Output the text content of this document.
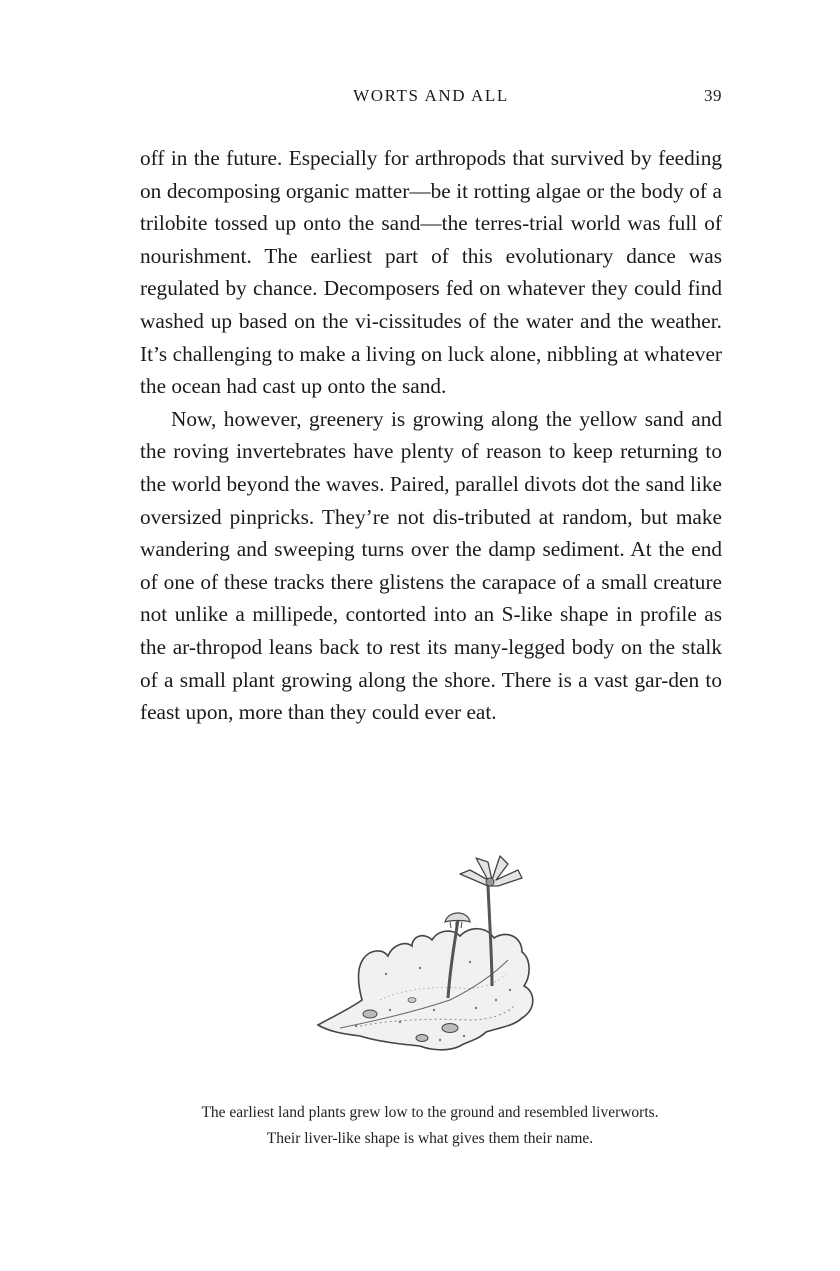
WORTS AND ALL	39

off in the future. Especially for arthropods that survived by feeding on decomposing organic matter—be it rotting algae or the body of a trilobite tossed up onto the sand—the terres-trial world was full of nourishment. The earliest part of this evolutionary dance was regulated by chance. Decomposers fed on whatever they could find washed up based on the vi-cissitudes of the water and the weather. It’s challenging to make a living on luck alone, nibbling at whatever the ocean had cast up onto the sand.

Now, however, greenery is growing along the yellow sand and the roving invertebrates have plenty of reason to keep returning to the world beyond the waves. Paired, parallel divots dot the sand like oversized pinpricks. They’re not dis-tributed at random, but make wandering and sweeping turns over the damp sediment. At the end of one of these tracks there glistens the carapace of a small creature not unlike a millipede, contorted into an S-like shape in profile as the ar-thropod leans back to rest its many-legged body on the stalk of a small plant growing along the shore. There is a vast gar-den to feast upon, more than they could ever eat.

The earliest land plants grew low to the ground and resembled liverworts.
Their liver-like shape is what gives them their name.
